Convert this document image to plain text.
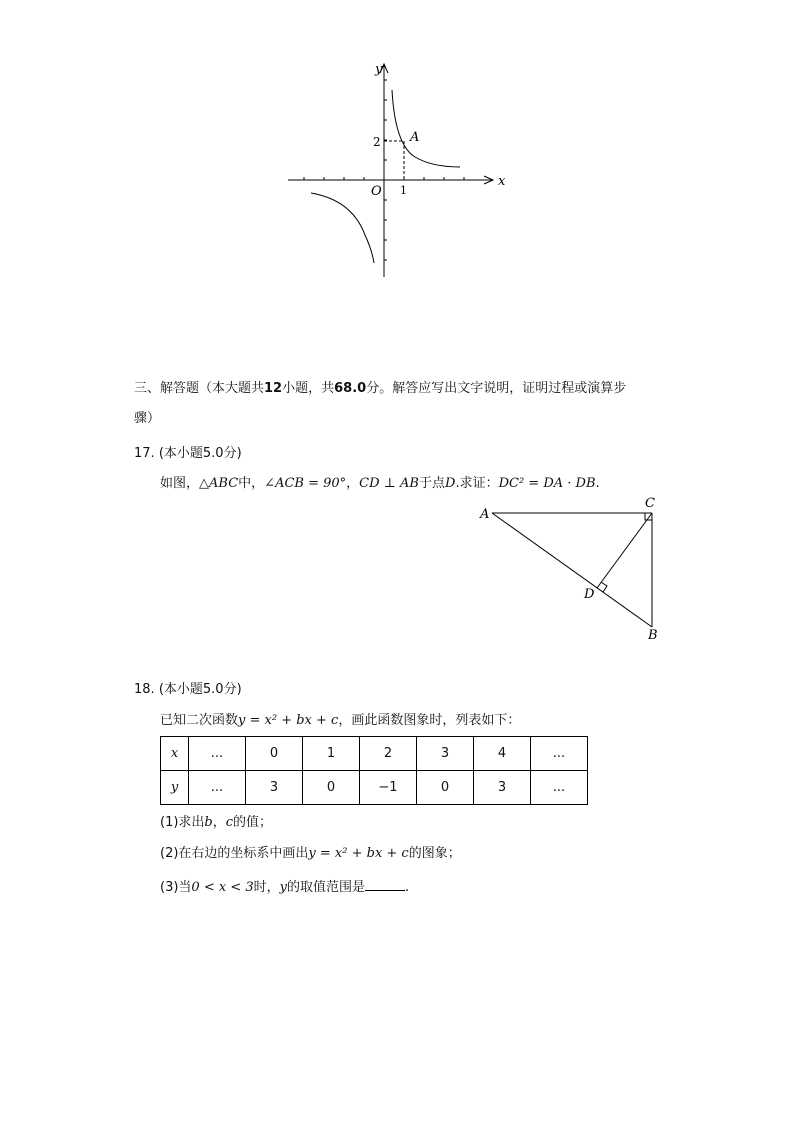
y
x
O
A
2
1
三、解答题（本大题共12小题，共68.0分。解答应写出文字说明，证明过程或演算步
骤）
17. (本小题5.0分)
如图，△ABC中，∠ACB = 90°，CD ⊥ AB于点D.求证：DC² = DA · DB.
A
C
D
B
18. (本小题5.0分)
已知二次函数y = x² + bx + c，画此函数图象时，列表如下：
x	...	0	1	2	3	4	...
y	...	3	0	−1	0	3	...
(1)求出b，c的值；
(2)在右边的坐标系中画出y = x² + bx + c的图象；
(3)当0 < x < 3时，y的取值范围是	.
